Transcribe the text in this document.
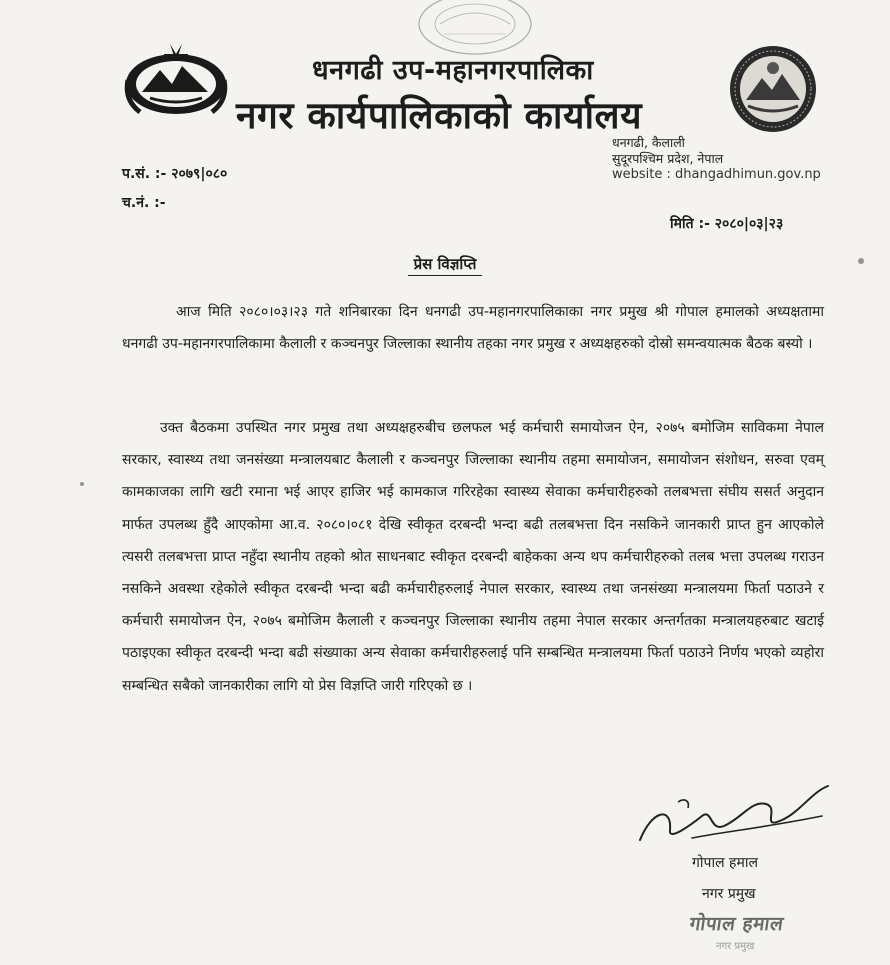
धनगढी उप-महानगरपालिका
नगर कार्यपालिकाको कार्यालय
धनगढी, कैलाली
सुदूरपश्चिम प्रदेश, नेपाल
website : dhangadhimun.gov.np
प.सं. :- २०७९|०८०
च.नं. :-
मिति :- २०८०|०३|२३
प्रेस विज्ञप्ति

आज मिति २०८०।०३।२३ गते शनिबारका दिन धनगढी उप-महानगरपालिकाका नगर प्रमुख श्री गोपाल हमालको अध्यक्षतामा धनगढी उप-महानगरपालिकामा कैलाली र कञ्चनपुर जिल्लाका स्थानीय तहका नगर प्रमुख र अध्यक्षहरुको दोस्रो समन्वयात्मक बैठक बस्यो ।

उक्त बैठकमा उपस्थित नगर प्रमुख तथा अध्यक्षहरुबीच छलफल भई कर्मचारी समायोजन ऐन, २०७५ बमोजिम साविकमा नेपाल सरकार, स्वास्थ्य तथा जनसंख्या मन्त्रालयबाट कैलाली र कञ्चनपुर जिल्लाका स्थानीय तहमा समायोजन, समायोजन संशोधन, सरुवा एवम् कामकाजका लागि खटी रमाना भई आएर हाजिर भई कामकाज गरिरहेका स्वास्थ्य सेवाका कर्मचारीहरुको तलबभत्ता संघीय ससर्त अनुदान मार्फत उपलब्ध हुँदै आएकोमा आ.व. २०८०।०८१ देखि स्वीकृत दरबन्दी भन्दा बढी तलबभत्ता दिन नसकिने जानकारी प्राप्त हुन आएकोले त्यसरी तलबभत्ता प्राप्त नहुँदा स्थानीय तहको श्रोत साधनबाट स्वीकृत दरबन्दी बाहेकका अन्य थप कर्मचारीहरुको तलब भत्ता उपलब्ध गराउन नसकिने अवस्था रहेकोले स्वीकृत दरबन्दी भन्दा बढी कर्मचारीहरुलाई नेपाल सरकार, स्वास्थ्य तथा जनसंख्या मन्त्रालयमा फिर्ता पठाउने र कर्मचारी समायोजन ऐन, २०७५ बमोजिम कैलाली र कञ्चनपुर जिल्लाका स्थानीय तहमा नेपाल सरकार अन्तर्गतका मन्त्रालयहरुबाट खटाई पठाइएका स्वीकृत दरबन्दी भन्दा बढी संख्याका अन्य सेवाका कर्मचारीहरुलाई पनि सम्बन्धित मन्त्रालयमा फिर्ता पठाउने निर्णय भएको व्यहोरा सम्बन्धित सबैको जानकारीका लागि यो प्रेस विज्ञप्ति जारी गरिएको छ ।

गोपाल हमाल
नगर प्रमुख
गोपाल हमाल
नगर प्रमुख
